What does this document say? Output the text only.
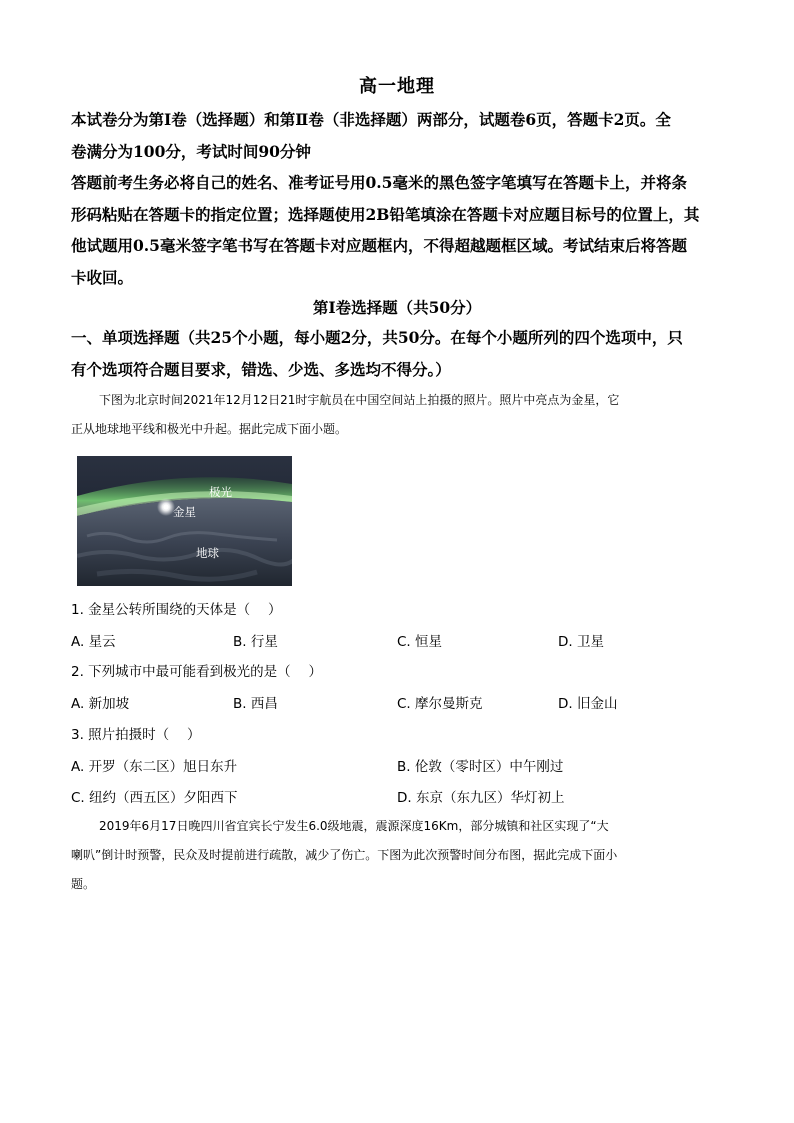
高一地理
本试卷分为第Ⅰ卷（选择题）和第Ⅱ卷（非选择题）两部分，试题卷6页，答题卡2页。全
卷满分为100分，考试时间90分钟
答题前考生务必将自己的姓名、准考证号用0.5毫米的黑色签字笔填写在答题卡上，并将条
形码粘贴在答题卡的指定位置；选择题使用2B铅笔填涂在答题卡对应题目标号的位置上，其
他试题用0.5毫米签字笔书写在答题卡对应题框内，不得超越题框区域。考试结束后将答题
卡收回。
第Ⅰ卷选择题（共50分）
一、单项选择题（共25个小题，每小题2分，共50分。在每个小题所列的四个选项中，只
有个选项符合题目要求，错选、少选、多选均不得分。）
下图为北京时间2021年12月12日21时宇航员在中国空间站上拍摄的照片。照片中亮点为金星，它
正从地球地平线和极光中升起。据此完成下面小题。
极光
金星
地球
1. 金星公转所围绕的天体是（　 ）
A. 星云	B. 行星	C. 恒星	D. 卫星
2. 下列城市中最可能看到极光的是（　 ）
A. 新加坡	B. 西昌	C. 摩尔曼斯克	D. 旧金山
3. 照片拍摄时（　 ）
A. 开罗（东二区）旭日东升	B. 伦敦（零时区）中午刚过
C. 纽约（西五区）夕阳西下	D. 东京（东九区）华灯初上
2019年6月17日晚四川省宜宾长宁发生6.0级地震，震源深度16Km，部分城镇和社区实现了“大
喇叭”倒计时预警，民众及时提前进行疏散，减少了伤亡。下图为此次预警时间分布图，据此完成下面小
题。
